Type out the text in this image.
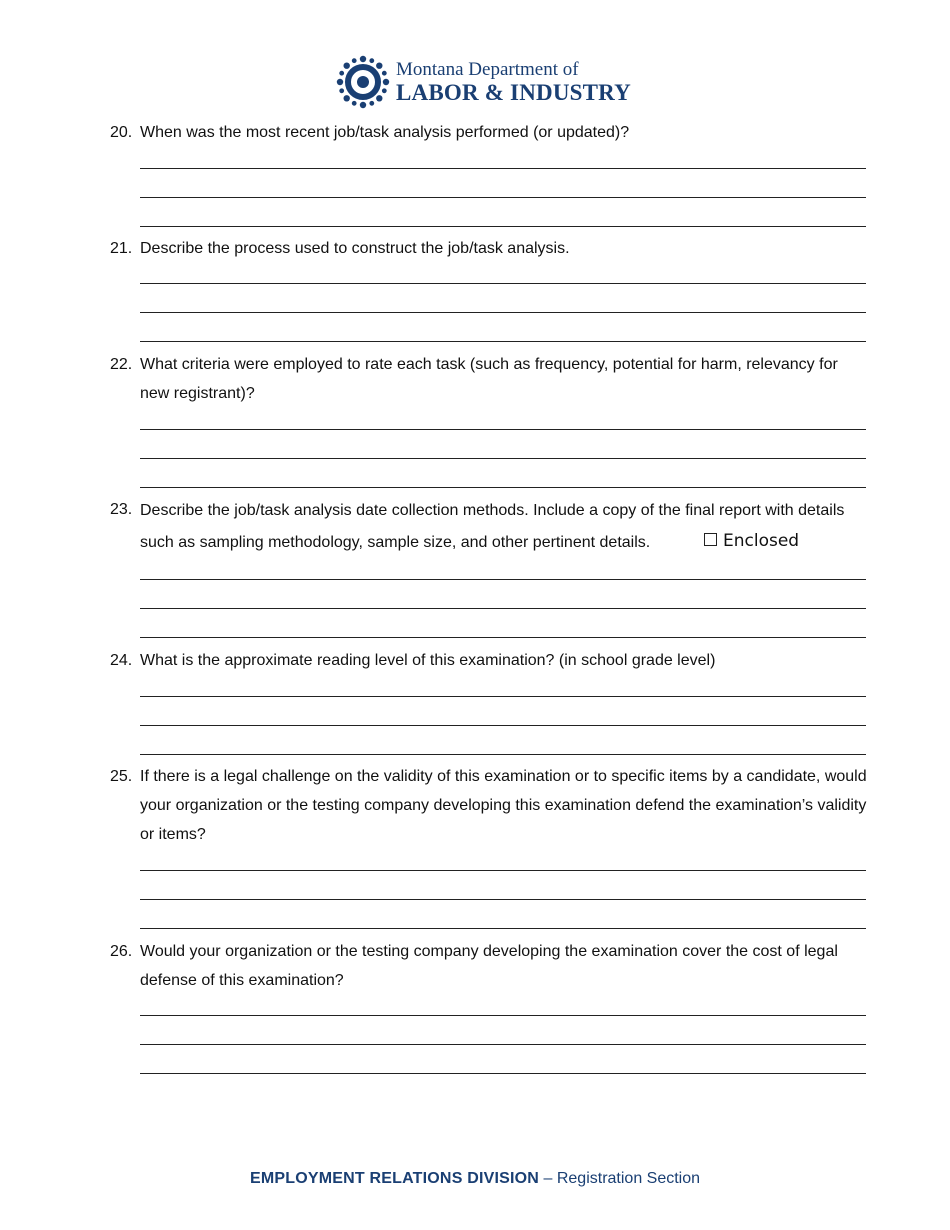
Montana Department of
LABOR & INDUSTRY
20. When was the most recent job/task analysis performed (or updated)?
21. Describe the process used to construct the job/task analysis.
22. What criteria were employed to rate each task (such as frequency, potential for harm, relevancy for new registrant)?
23. Describe the job/task analysis date collection methods. Include a copy of the final report with details such as sampling methodology, sample size, and other pertinent details.	Enclosed
24. What is the approximate reading level of this examination? (in school grade level)
25. If there is a legal challenge on the validity of this examination or to specific items by a candidate, would your organization or the testing company developing this examination defend the examination’s validity or items?
26. Would your organization or the testing company developing the examination cover the cost of legal defense of this examination?
EMPLOYMENT RELATIONS DIVISION – Registration Section
